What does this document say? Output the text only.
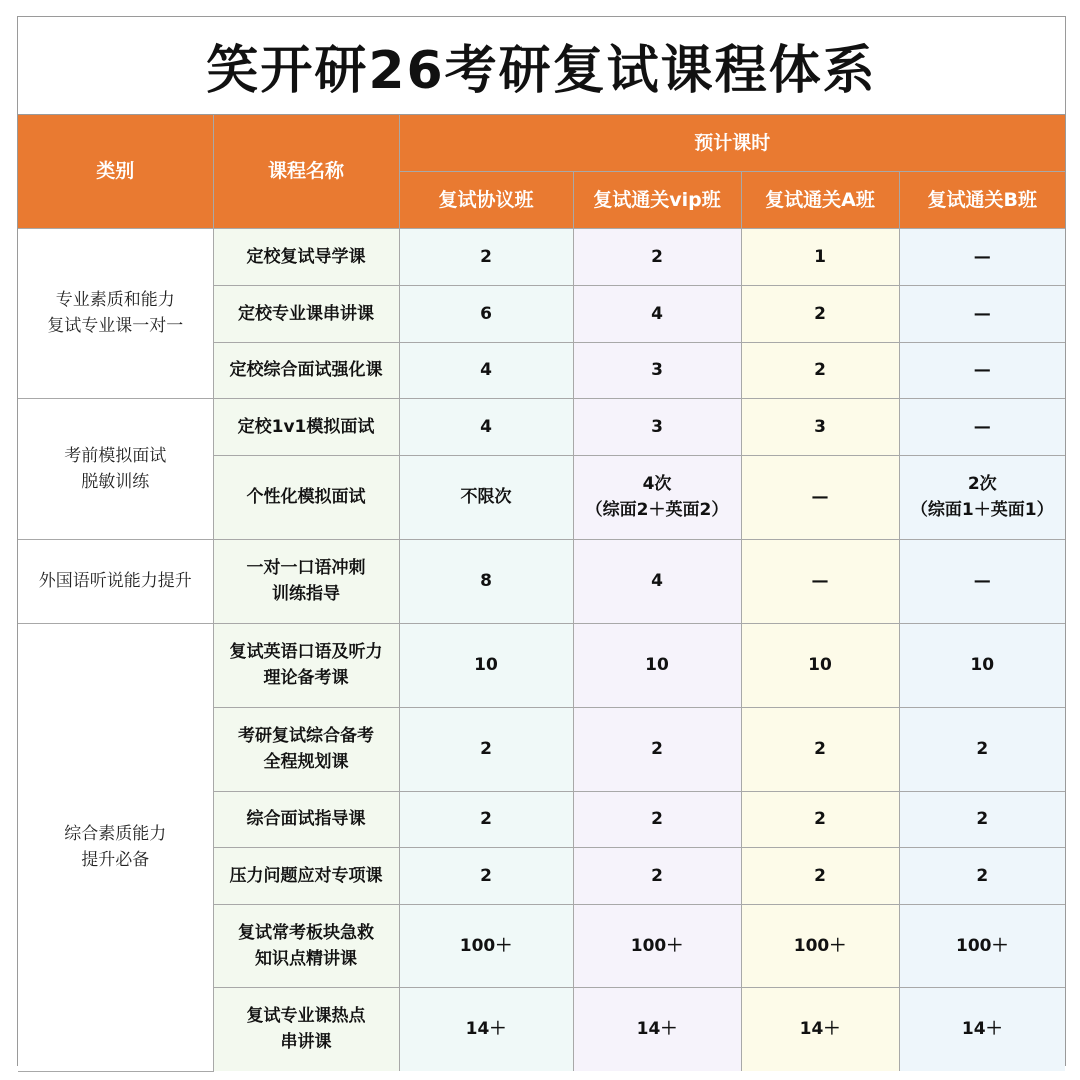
笑开研26考研复试课程体系
类别	课程名称	预计课时			
		复试协议班	复试通关vip班	复试通关A班	复试通关B班

专业素质和能力
复试专业课一对一	定校复试导学课	2	2	1	—

	定校专业课串讲课	6	4	2	—

	定校综合面试强化课	4	3	2	—

考前模拟面试
脱敏训练	定校1v1模拟面试	4	3	3	—

	个性化模拟面试	不限次	4次
（综面2＋英面2）	—	2次
（综面1＋英面1）

外国语听说能力提升	一对一口语冲刺
训练指导	8	4	—	—

综合素质能力
提升必备	复试英语口语及听力
理论备考课	10	10	10	10

	考研复试综合备考
全程规划课	2	2	2	2

	综合面试指导课	2	2	2	2

	压力问题应对专项课	2	2	2	2

	复试常考板块急救
知识点精讲课	100＋	100＋	100＋	100＋

	复试专业课热点
串讲课	14＋	14＋	14＋	14＋
